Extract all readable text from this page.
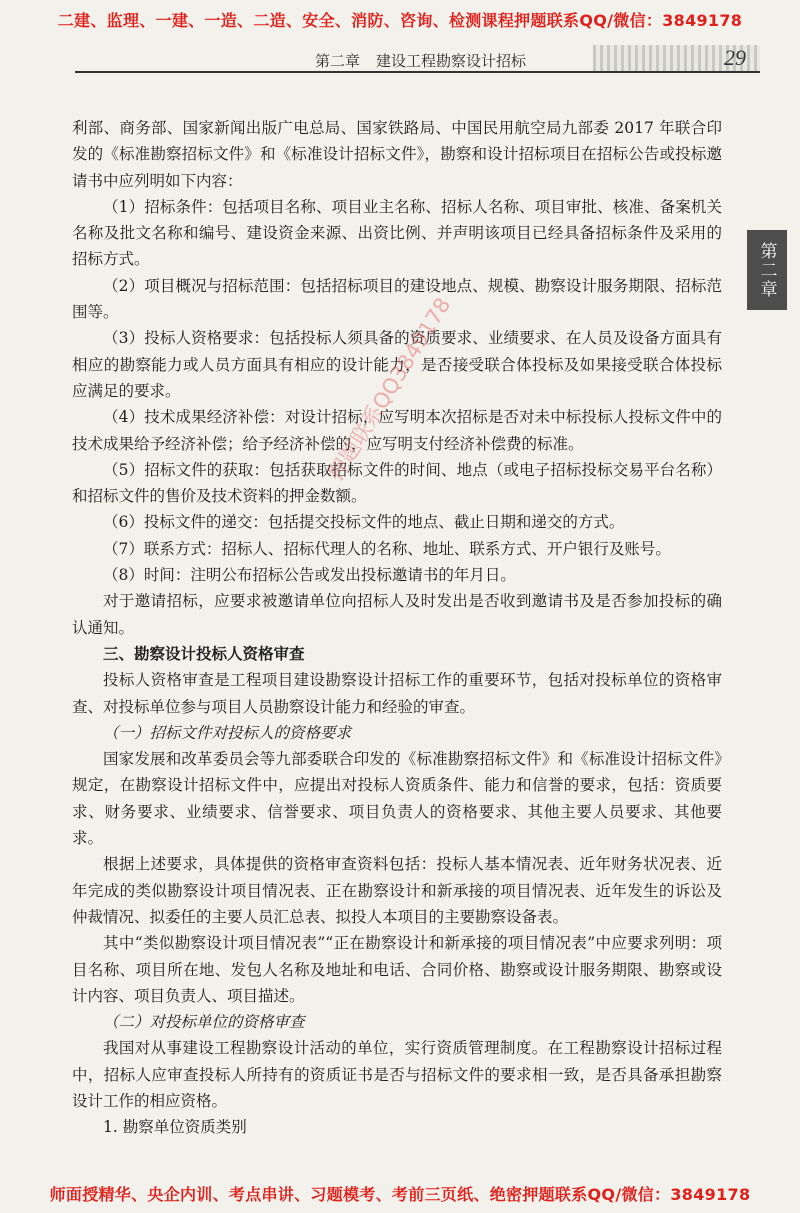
二建、监理、一建、一造、二造、安全、消防、咨询、检测课程押题联系QQ/微信：3849178
第二章 建设工程勘察设计招标	29
第二章

利部、商务部、国家新闻出版广电总局、国家铁路局、中国民用航空局九部委 2017 年联合印发的《标准勘察招标文件》和《标准设计招标文件》，勘察和设计招标项目在招标公告或投标邀请书中应列明如下内容：

（1）招标条件：包括项目名称、项目业主名称、招标人名称、项目审批、核准、备案机关名称及批文名称和编号、建设资金来源、出资比例、并声明该项目已经具备招标条件及采用的招标方式。

（2）项目概况与招标范围：包括招标项目的建设地点、规模、勘察设计服务期限、招标范围等。

（3）投标人资格要求：包括投标人须具备的资质要求、业绩要求、在人员及设备方面具有相应的勘察能力或人员方面具有相应的设计能力，是否接受联合体投标及如果接受联合体投标应满足的要求。

（4）技术成果经济补偿：对设计招标，应写明本次招标是否对未中标投标人投标文件中的技术成果给予经济补偿；给予经济补偿的，应写明支付经济补偿费的标准。

（5）招标文件的获取：包括获取招标文件的时间、地点（或电子招标投标交易平台名称）和招标文件的售价及技术资料的押金数额。

（6）投标文件的递交：包括提交投标文件的地点、截止日期和递交的方式。

（7）联系方式：招标人、招标代理人的名称、地址、联系方式、开户银行及账号。

（8）时间：注明公布招标公告或发出投标邀请书的年月日。

对于邀请招标，应要求被邀请单位向招标人及时发出是否收到邀请书及是否参加投标的确认通知。

三、勘察设计投标人资格审查

投标人资格审查是工程项目建设勘察设计招标工作的重要环节，包括对投标单位的资格审查、对投标单位参与项目人员勘察设计能力和经验的审查。

（一）招标文件对投标人的资格要求

国家发展和改革委员会等九部委联合印发的《标准勘察招标文件》和《标准设计招标文件》规定，在勘察设计招标文件中，应提出对投标人资质条件、能力和信誉的要求，包括：资质要求、财务要求、业绩要求、信誉要求、项目负责人的资格要求、其他主要人员要求、其他要求。

根据上述要求，具体提供的资格审查资料包括：投标人基本情况表、近年财务状况表、近年完成的类似勘察设计项目情况表、正在勘察设计和新承接的项目情况表、近年发生的诉讼及仲裁情况、拟委任的主要人员汇总表、拟投人本项目的主要勘察设备表。

其中“类似勘察设计项目情况表”“正在勘察设计和新承接的项目情况表”中应要求列明：项目名称、项目所在地、发包人名称及地址和电话、合同价格、勘察或设计服务期限、勘察或设计内容、项目负责人、项目描述。

（二）对投标单位的资格审查

我国对从事建设工程勘察设计活动的单位，实行资质管理制度。在工程勘察设计招标过程中，招标人应审查投标人所持有的资质证书是否与招标文件的要求相一致，是否具备承担勘察设计工作的相应资格。

1. 勘察单位资质类别

押题联系QQ3849178
师面授精华、央企内训、考点串讲、习题模考、考前三页纸、绝密押题联系QQ/微信：3849178
